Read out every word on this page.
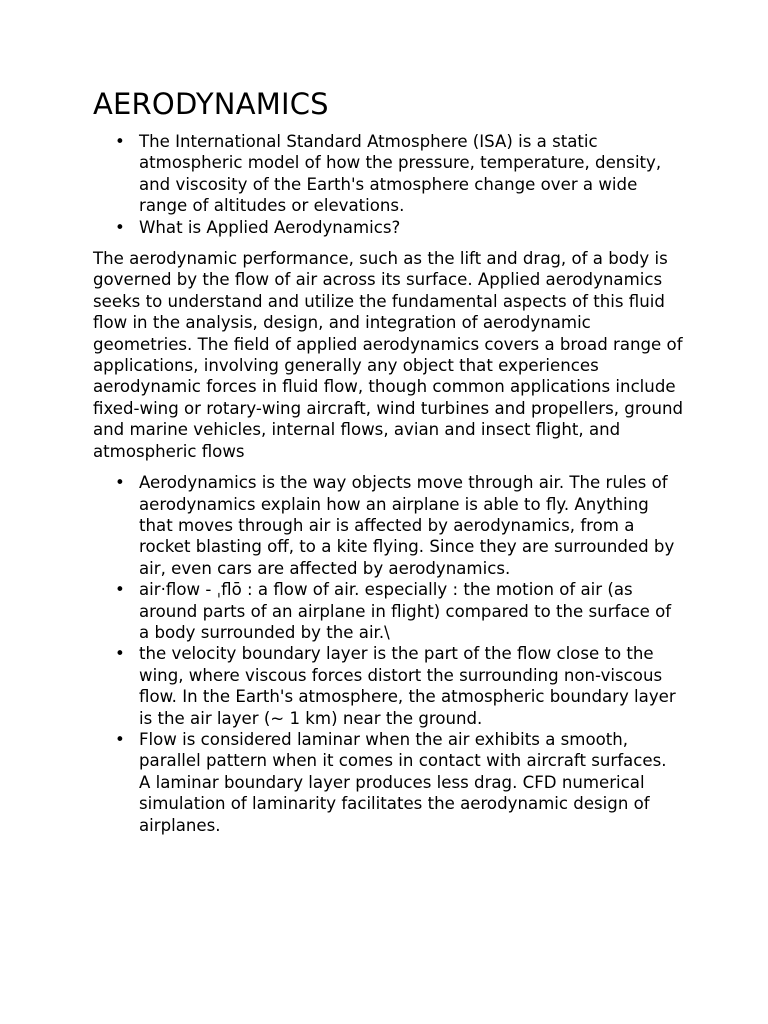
AERODYNAMICS
• The International Standard Atmosphere (ISA) is a static atmospheric model of how the pressure, temperature, density, and viscosity of the Earth's atmosphere change over a wide range of altitudes or elevations.
• What is Applied Aerodynamics?

The aerodynamic performance, such as the lift and drag, of a body is governed by the flow of air across its surface. Applied aerodynamics seeks to understand and utilize the fundamental aspects of this fluid flow in the analysis, design, and integration of aerodynamic geometries. The field of applied aerodynamics covers a broad range of applications, involving generally any object that experiences aerodynamic forces in fluid flow, though common applications include fixed-wing or rotary-wing aircraft, wind turbines and propellers, ground and marine vehicles, internal flows, avian and insect flight, and atmospheric flows

• Aerodynamics is the way objects move through air. The rules of aerodynamics explain how an airplane is able to fly. Anything that moves through air is affected by aerodynamics, from a rocket blasting off, to a kite flying. Since they are surrounded by air, even cars are affected by aerodynamics.
• air·flow - ˌflō : a flow of air. especially : the motion of air (as around parts of an airplane in flight) compared to the surface of a body surrounded by the air.\
• the velocity boundary layer is the part of the flow close to the wing, where viscous forces distort the surrounding non-viscous flow. In the Earth's atmosphere, the atmospheric boundary layer is the air layer (~ 1 km) near the ground.
• Flow is considered laminar when the air exhibits a smooth, parallel pattern when it comes in contact with aircraft surfaces. A laminar boundary layer produces less drag. CFD numerical simulation of laminarity facilitates the aerodynamic design of airplanes.
